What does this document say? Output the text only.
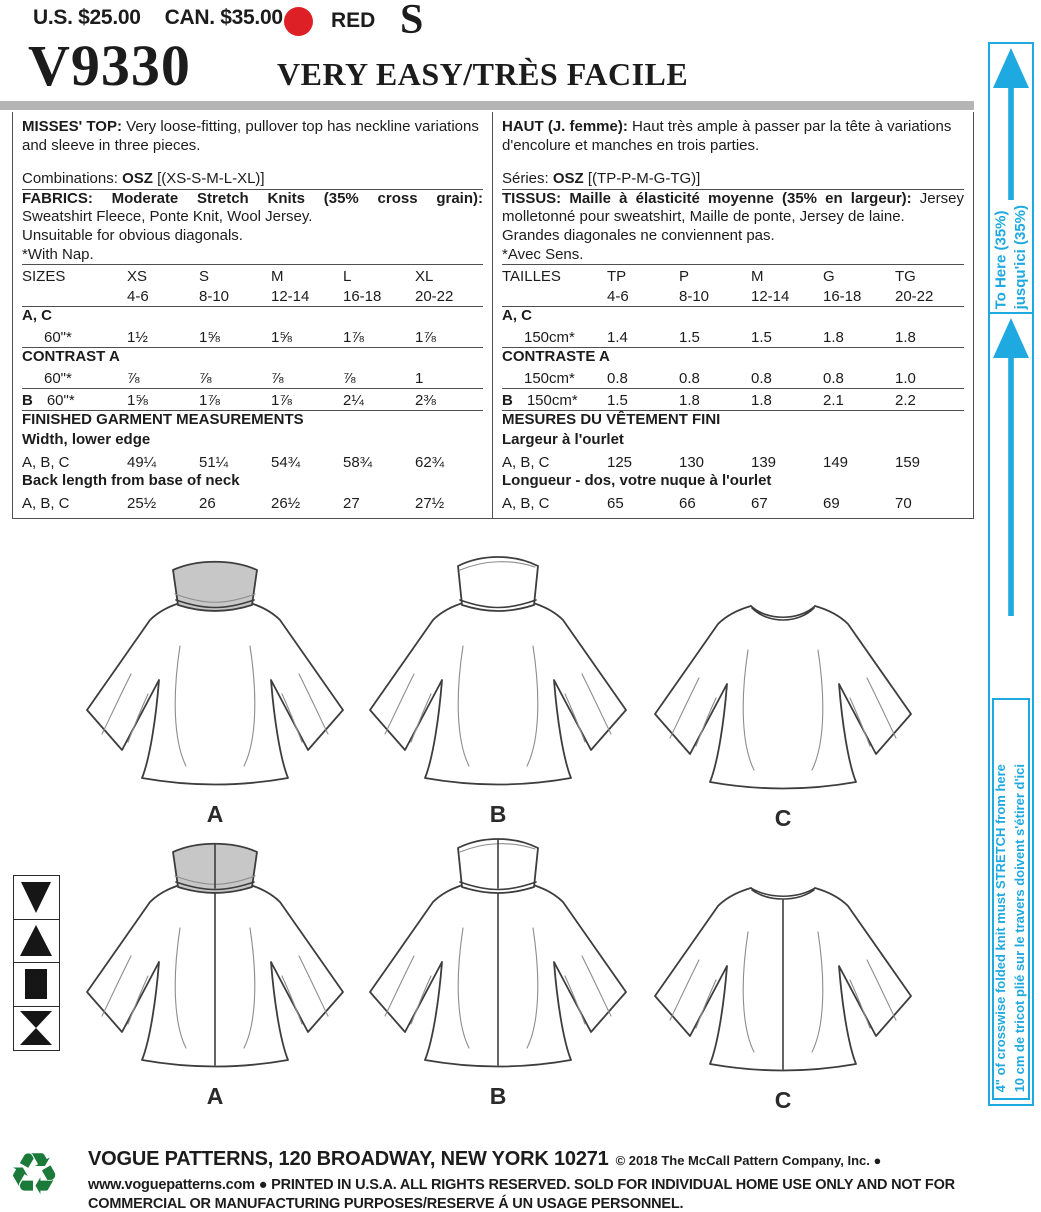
U.S. $25.00 CAN. $35.00 RED S
V9330	VERY EASY/TRÈS FACILE
MISSES' TOP: Very loose-fitting, pullover top has neckline variations and sleeve in three pieces.
Combinations: OSZ [(XS-S-M-L-XL)]
FABRICS: Moderate Stretch Knits (35% cross grain):
Sweatshirt Fleece, Ponte Knit, Wool Jersey.
Unsuitable for obvious diagonals.
*With Nap.
SIZES	XS	S	M	L	XL
4-6	8-10	12-14	16-18	20-22
A, C
60"*	1½	1⅝	1⅝	1⅞	1⅞
CONTRAST A
60"*	⅞	⅞	⅞	⅞	1
B 60"*	1⅝	1⅞	1⅞	2¼	2⅜
FINISHED GARMENT MEASUREMENTS
Width, lower edge
A, B, C	49¼	51¼	54¾	58¾	62¾
Back length from base of neck
A, B, C	25½	26	26½	27	27½
HAUT (J. femme): Haut très ample à passer par la tête à variations d'encolure et manches en trois parties.
Séries: OSZ [(TP-P-M-G-TG)]
TISSUS: Maille à élasticité moyenne (35% en largeur): Jersey molletonné pour sweatshirt, Maille de ponte, Jersey de laine.
Grandes diagonales ne conviennent pas.
*Avec Sens.
TAILLES	TP	P	M	G	TG
4-6	8-10	12-14	16-18	20-22
A, C
150cm*	1.4	1.5	1.5	1.8	1.8
CONTRASTE A
150cm*	0.8	0.8	0.8	0.8	1.0
B 150cm* 1.5	1.8	1.8	2.1	2.2
MESURES DU VÊTEMENT FINI
Largeur à l'ourlet
A, B, C	125	130	139	149	159
Longueur - dos, votre nuque à l'ourlet
A, B, C	65	66	67	69	70
A	B	C
A	B	C
To Here (35%) jusqu'ici (35%)
4" of crosswise folded knit must STRETCH from here 10 cm de tricot plié sur le travers doivent s'étirer d'ici
♻ VOGUE PATTERNS, 120 BROADWAY, NEW YORK 10271 © 2018 The McCall Pattern Company, Inc. ●
www.voguepatterns.com ● PRINTED IN U.S.A. ALL RIGHTS RESERVED. SOLD FOR INDIVIDUAL HOME USE ONLY AND NOT FOR
COMMERCIAL OR MANUFACTURING PURPOSES/RESERVE Á UN USAGE PERSONNEL.
